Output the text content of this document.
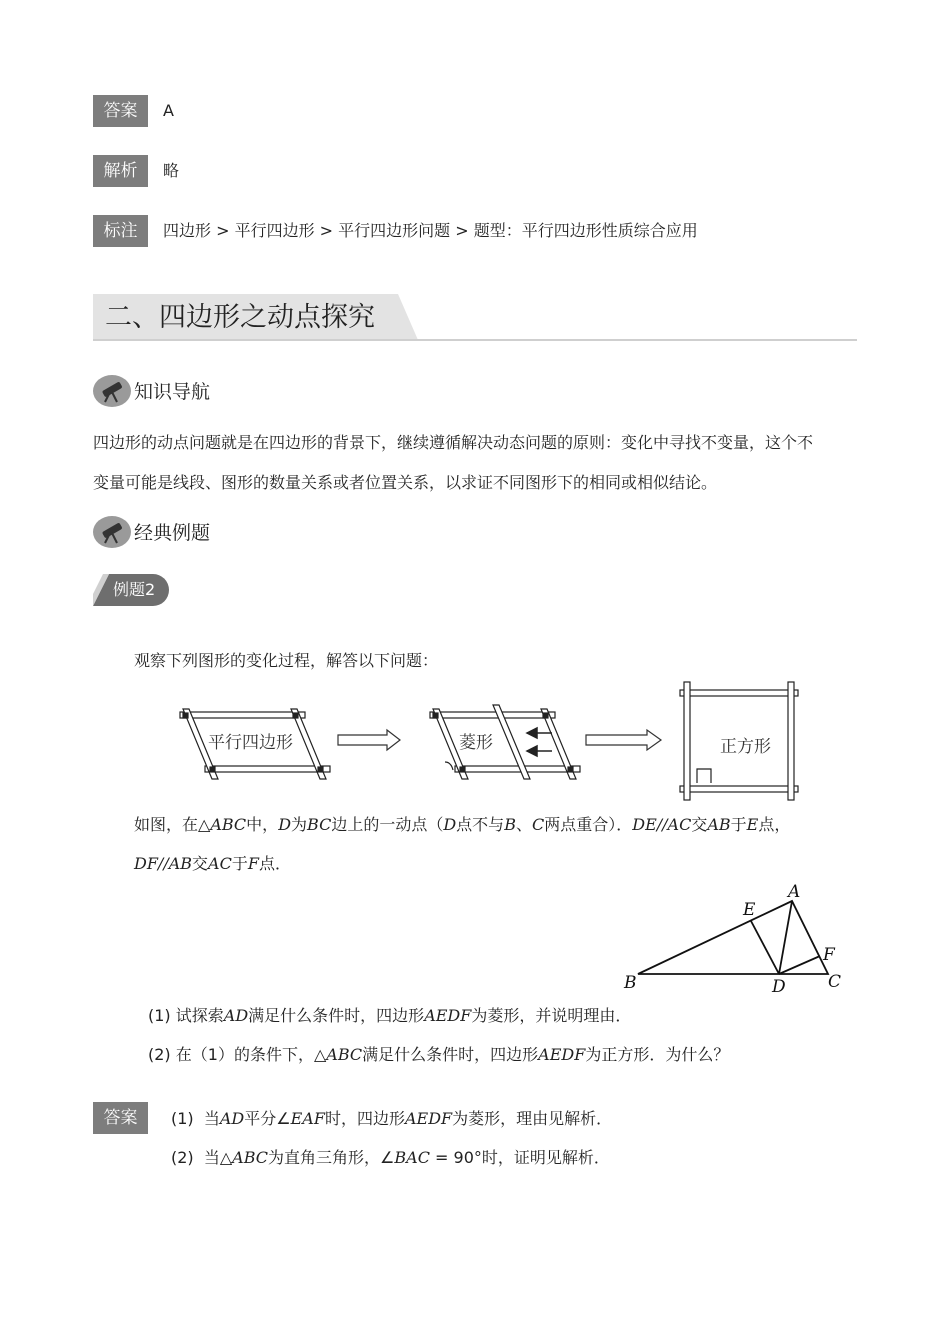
答案	A
解析	略
标注	四边形 > 平行四边形 > 平行四边形问题 > 题型：平行四边形性质综合应用
二、四边形之动点探究
知识导航
四边形的动点问题就是在四边形的背景下，继续遵循解决动态问题的原则：变化中寻找不变量，这个不
变量可能是线段、图形的数量关系或者位置关系，以求证不同图形下的相同或相似结论。
经典例题
例题2
观察下列图形的变化过程，解答以下问题：
平行四边形	菱形	正方形
如图，在△ABC中，D为BC边上的一动点（D点不与B、C两点重合）．DE//AC交AB于E点，
DF//AB交AC于F点．
A
B	C
D
E
F
(1) 试探索AD满足什么条件时，四边形AEDF为菱形，并说明理由．
(2) 在（1）的条件下，△ABC满足什么条件时，四边形AEDF为正方形．为什么？
答案	(1) 当AD平分∠EAF时，四边形AEDF为菱形，理由见解析．
(2) 当△ABC为直角三角形，∠BAC = 90°时，证明见解析．
